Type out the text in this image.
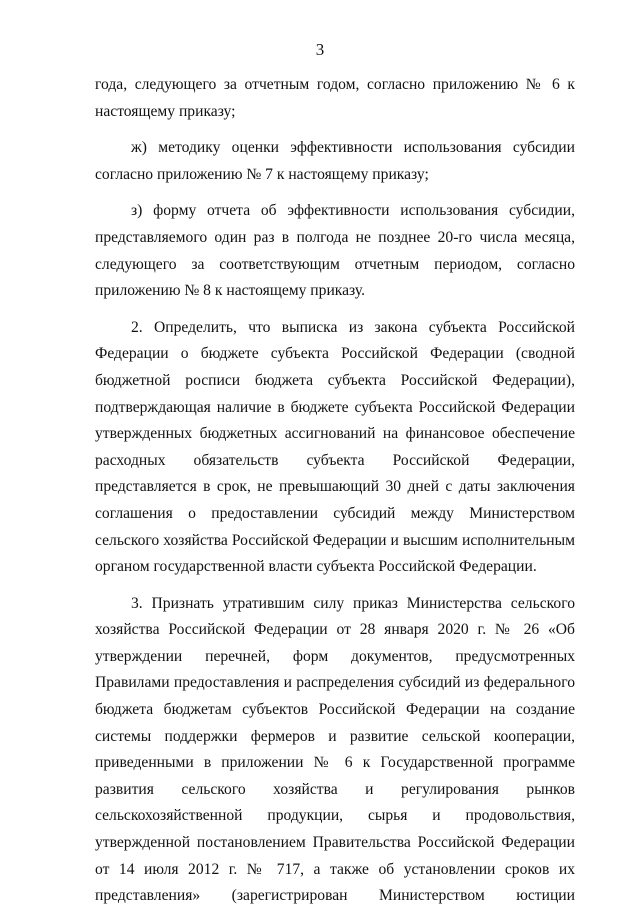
3

года, следующего за отчетным годом, согласно приложению № 6 к настоящему приказу;

ж) методику оценки эффективности использования субсидии согласно приложению № 7 к настоящему приказу;

з) форму отчета об эффективности использования субсидии, представляемого один раз в полгода не позднее 20-го числа месяца, следующего за соответствующим отчетным периодом, согласно приложению № 8 к настоящему приказу.

2. Определить, что выписка из закона субъекта Российской Федерации о бюджете субъекта Российской Федерации (сводной бюджетной росписи бюджета субъекта Российской Федерации), подтверждающая наличие в бюджете субъекта Российской Федерации утвержденных бюджетных ассигнований на финансовое обеспечение расходных обязательств субъекта Российской Федерации, представляется в срок, не превышающий 30 дней с даты заключения соглашения о предоставлении субсидий между Министерством сельского хозяйства Российской Федерации и высшим исполнительным органом государственной власти субъекта Российской Федерации.

3. Признать утратившим силу приказ Министерства сельского хозяйства Российской Федерации от 28 января 2020 г. № 26 «Об утверждении перечней, форм документов, предусмотренных Правилами предоставления и распределения субсидий из федерального бюджета бюджетам субъектов Российской Федерации на создание системы поддержки фермеров и развитие сельской кооперации, приведенными в приложении № 6 к Государственной программе развития сельского хозяйства и регулирования рынков сельскохозяйственной продукции, сырья и продовольствия, утвержденной постановлением Правительства Российской Федерации от 14 июля 2012 г. № 717, а также об установлении сроков их представления» (зарегистрирован Министерством юстиции
